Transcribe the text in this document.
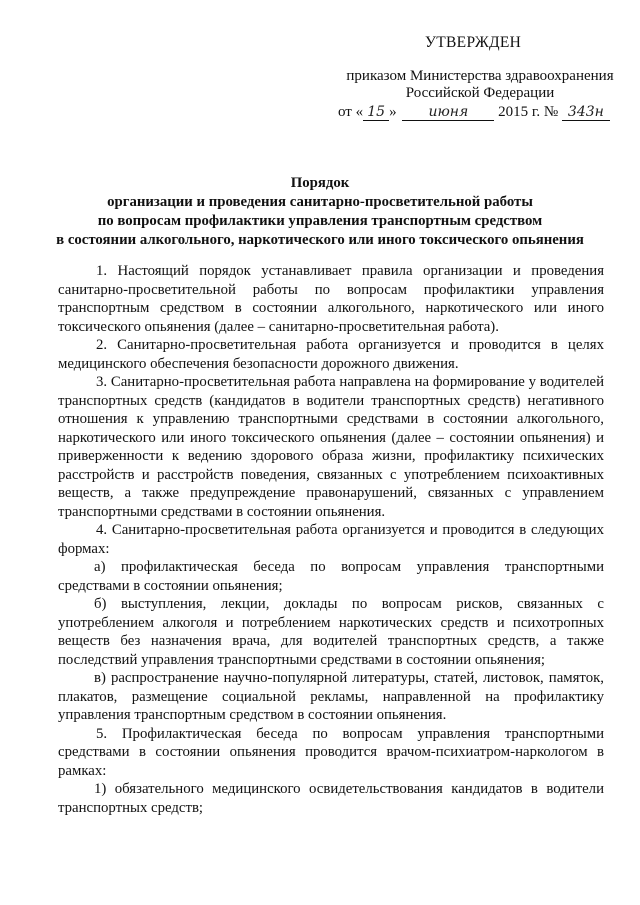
УТВЕРЖДЕН
приказом Министерства здравоохранения
Российской Федерации
от « 15 » июня 2015 г. № 343н
Порядок
организации и проведения санитарно-просветительной работы
по вопросам профилактики управления транспортным средством
в состоянии алкогольного, наркотического или иного токсического опьянения

1. Настоящий порядок устанавливает правила организации и проведения санитарно-просветительной работы по вопросам профилактики управления транспортным средством в состоянии алкогольного, наркотического или иного токсического опьянения (далее – санитарно-просветительная работа).

2. Санитарно-просветительная работа организуется и проводится в целях медицинского обеспечения безопасности дорожного движения.

3. Санитарно-просветительная работа направлена на формирование у водителей транспортных средств (кандидатов в водители транспортных средств) негативного отношения к управлению транспортными средствами в состоянии алкогольного, наркотического или иного токсического опьянения (далее – состоянии опьянения) и приверженности к ведению здорового образа жизни, профилактику психических расстройств и расстройств поведения, связанных с употреблением психоактивных веществ, а также предупреждение правонарушений, связанных с управлением транспортными средствами в состоянии опьянения.

4. Санитарно-просветительная работа организуется и проводится в следующих формах:

а) профилактическая беседа по вопросам управления транспортными средствами в состоянии опьянения;

б) выступления, лекции, доклады по вопросам рисков, связанных с употреблением алкоголя и потреблением наркотических средств и психотропных веществ без назначения врача, для водителей транспортных средств, а также последствий управления транспортными средствами в состоянии опьянения;

в) распространение научно-популярной литературы, статей, листовок, памяток, плакатов, размещение социальной рекламы, направленной на профилактику управления транспортным средством в состоянии опьянения.

5. Профилактическая беседа по вопросам управления транспортными средствами в состоянии опьянения проводится врачом-психиатром-наркологом в рамках:

1) обязательного медицинского освидетельствования кандидатов в водители транспортных средств;
